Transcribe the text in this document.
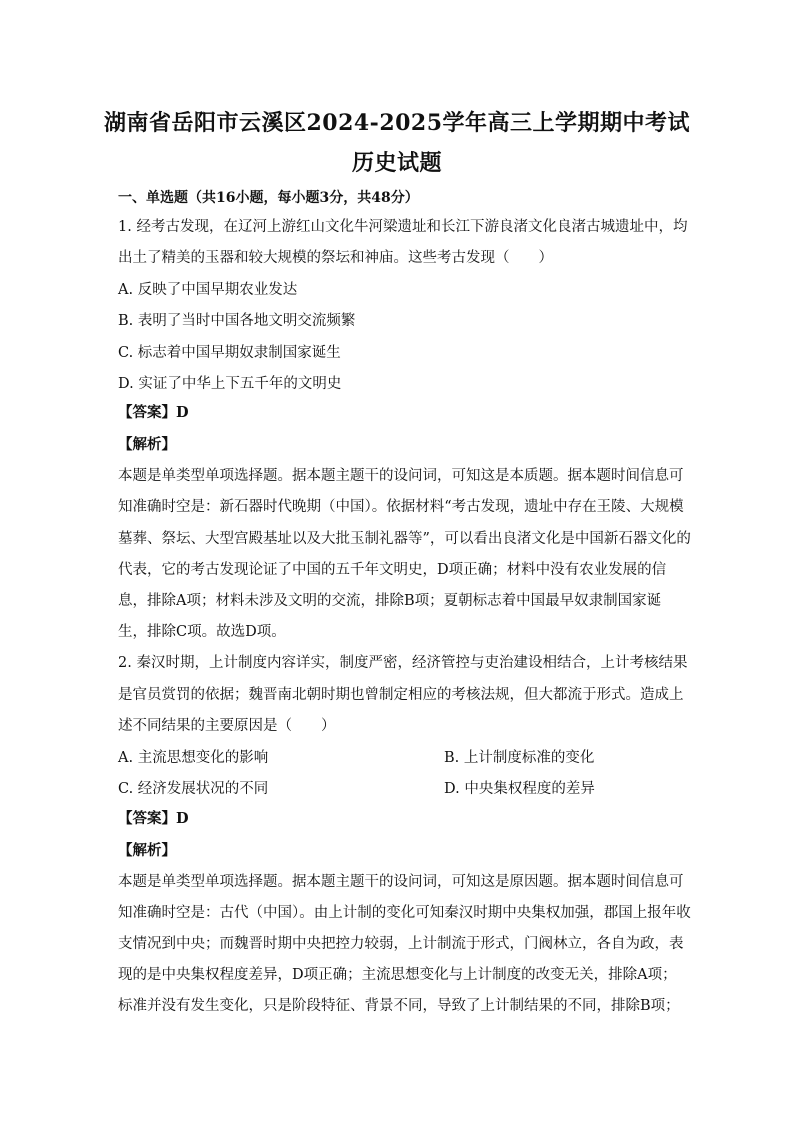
湖南省岳阳市云溪区2024-2025学年高三上学期期中考试
历史试题
一、单选题（共16小题，每小题3分，共48分）
1. 经考古发现，在辽河上游红山文化牛河梁遗址和长江下游良渚文化良渚古城遗址中，均
出土了精美的玉器和较大规模的祭坛和神庙。这些考古发现（　　）
A. 反映了中国早期农业发达
B. 表明了当时中国各地文明交流频繁
C. 标志着中国早期奴隶制国家诞生
D. 实证了中华上下五千年的文明史
【答案】D
【解析】
本题是单类型单项选择题。据本题主题干的设问词，可知这是本质题。据本题时间信息可
知准确时空是：新石器时代晚期（中国）。依据材料“考古发现，遗址中存在王陵、大规模
墓葬、祭坛、大型宫殿基址以及大批玉制礼器等”，可以看出良渚文化是中国新石器文化的
代表，它的考古发现论证了中国的五千年文明史，D项正确；材料中没有农业发展的信
息，排除A项；材料未涉及文明的交流，排除B项；夏朝标志着中国最早奴隶制国家诞
生，排除C项。故选D项。
2. 秦汉时期，上计制度内容详实，制度严密，经济管控与吏治建设相结合，上计考核结果
是官员赏罚的依据；魏晋南北朝时期也曾制定相应的考核法规，但大都流于形式。造成上
述不同结果的主要原因是（　　）
A. 主流思想变化的影响	B. 上计制度标准的变化
C. 经济发展状况的不同	D. 中央集权程度的差异
【答案】D
【解析】
本题是单类型单项选择题。据本题主题干的设问词，可知这是原因题。据本题时间信息可
知准确时空是：古代（中国）。由上计制的变化可知秦汉时期中央集权加强，郡国上报年收
支情况到中央；而魏晋时期中央把控力较弱，上计制流于形式，门阀林立，各自为政，表
现的是中央集权程度差异，D项正确；主流思想变化与上计制度的改变无关，排除A项；
标准并没有发生变化，只是阶段特征、背景不同，导致了上计制结果的不同，排除B项；
